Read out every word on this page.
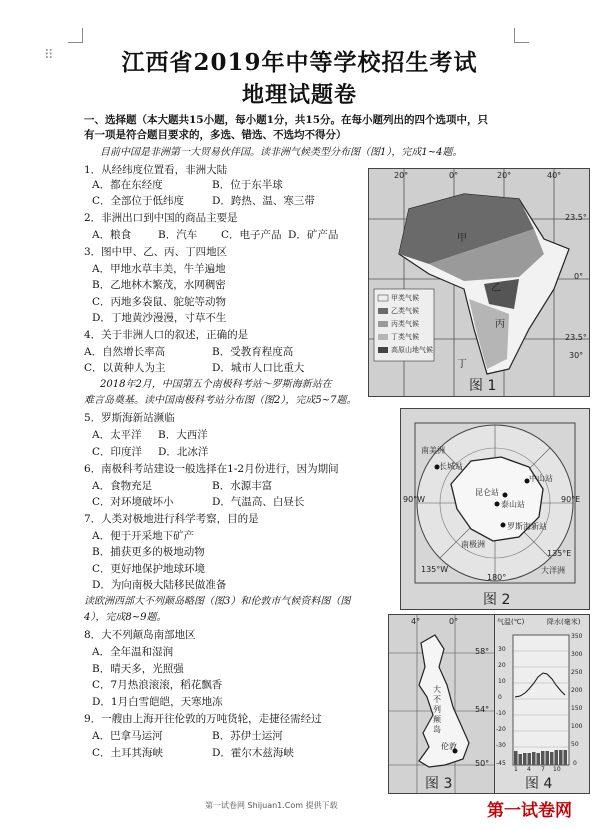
⠿	江西省2019年中等学校招生考试
地理试题卷
一、选择题（本大题共15小题，每小题1分，共15分。在每小题列出的四个选项中，只
有一项是符合题目要求的，多选、错选、不选均不得分）
目前中国是非洲第一大贸易伙伴国。读非洲气候类型分布图（图1），完成1~4题。
1．从经纬度位置看，非洲大陆
A．都在东经度	B．位于东半球
C．全部位于低纬度	D．跨热、温、寒三带
2．非洲出口到中国的商品主要是
A．粮食	B．汽车 C．电子产品 D．矿产品
3．图中甲、乙、丙、丁四地区
A．甲地水草丰美，牛羊遍地
B．乙地林木繁茂，水网稠密
C．丙地多袋鼠、鸵鸵等动物
D．丁地黄沙漫漫，寸草不生
4．关于非洲人口的叙述，正确的是
A．自然增长率高	B．受教育程度高
C．以黄种人为主	D．城市人口比重大
2018年2月，中国第五个南极科考站～罗斯海新站在
难言岛奠基。读中国南极科考站分布图（图2），完成5~7题。
5．罗斯海新站濒临
A．太平洋 B．大西洋
C．印度洋 D．北冰洋
6．南极科考站建设一般选择在1-2月份进行，因为期间
A．食物充足	B．水源丰富
C．对环境破坏小	D．气温高、白昼长
7．人类对极地进行科学考察，目的是
A．便于开采地下矿产
B．捕获更多的极地动物
C．更好地保护地球环境
D．为向南极大陆移民做准备
读欧洲西部大不列颠岛略图（图3）和伦敦市气候资料图（图
4），完成8~9题。
8．大不列颠岛南部地区
A．全年温和湿润
B．晴天多，光照强
C．7月热浪滚滚，稻花飘香
D．1月白雪皑皑，天寒地冻
9．一艘由上海开往伦敦的万吨货轮，走捷径需经过
A．巴拿马运河	B．苏伊士运河
C．土耳其海峡	D．霍尔木兹海峡
20°	0°	20°	40°
23.5°
0°
23.5°
30°
甲
乙
丙
丁
甲类气候
乙类气候
丙类气候
丁类气候
高原山地气候
图 1
南美洲
长城站
中山站
昆仑站
泰山站
罗斯海新站
大洋洲
90°W	90°E
135°W
135°E
180°
南极洲
图 2
4°	0°
58°
54°
50°
大不列颠岛
伦敦
图 3
气温(℃)	降水(毫米)
30
20
10
0
-10
-20
-30
-45
350
300
250
200
150
100
50
0
1 4 7 10
图 4
第一试卷网 Shijuan1.Com 提供下载	第一试卷网
